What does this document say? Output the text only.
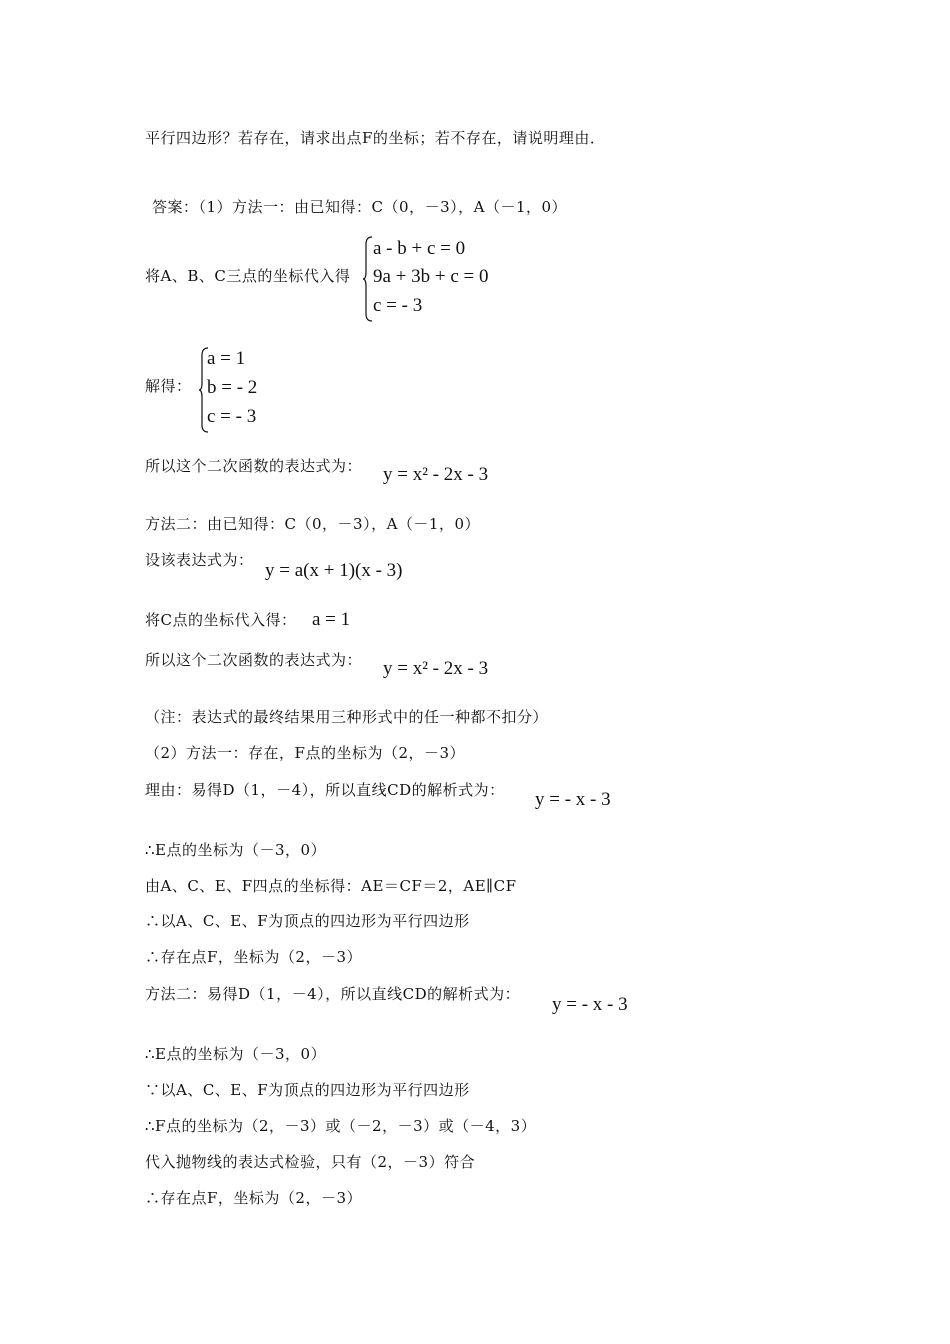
平行四边形？若存在，请求出点F的坐标；若不存在，请说明理由．
答案：（1）方法一：由已知得：C（0，－3），A（－1，0）
将A、B、C三点的坐标代入得
a - b + c = 0
9a + 3b + c = 0
c = - 3
解得：
a = 1
b = - 2
c = - 3
所以这个二次函数的表达式为： y = x² - 2x - 3
方法二：由已知得：C（0，－3），A（－1，0）
设该表达式为： y = a(x + 1)(x - 3)
将C点的坐标代入得： a = 1
所以这个二次函数的表达式为： y = x² - 2x - 3
（注：表达式的最终结果用三种形式中的任一种都不扣分）
（2）方法一：存在，F点的坐标为（2，－3）
理由：易得D（1，－4），所以直线CD的解析式为： y = - x - 3
∴E点的坐标为（－3，0）
由A、C、E、F四点的坐标得：AE＝CF＝2，AE∥CF
∴以A、C、E、F为顶点的四边形为平行四边形
∴存在点F，坐标为（2，－3）
方法二：易得D（1，－4），所以直线CD的解析式为： y = - x - 3
∴E点的坐标为（－3，0）
∵以A、C、E、F为顶点的四边形为平行四边形
∴F点的坐标为（2，－3）或（－2，－3）或（－4，3）
代入抛物线的表达式检验，只有（2，－3）符合
∴存在点F，坐标为（2，－3）
